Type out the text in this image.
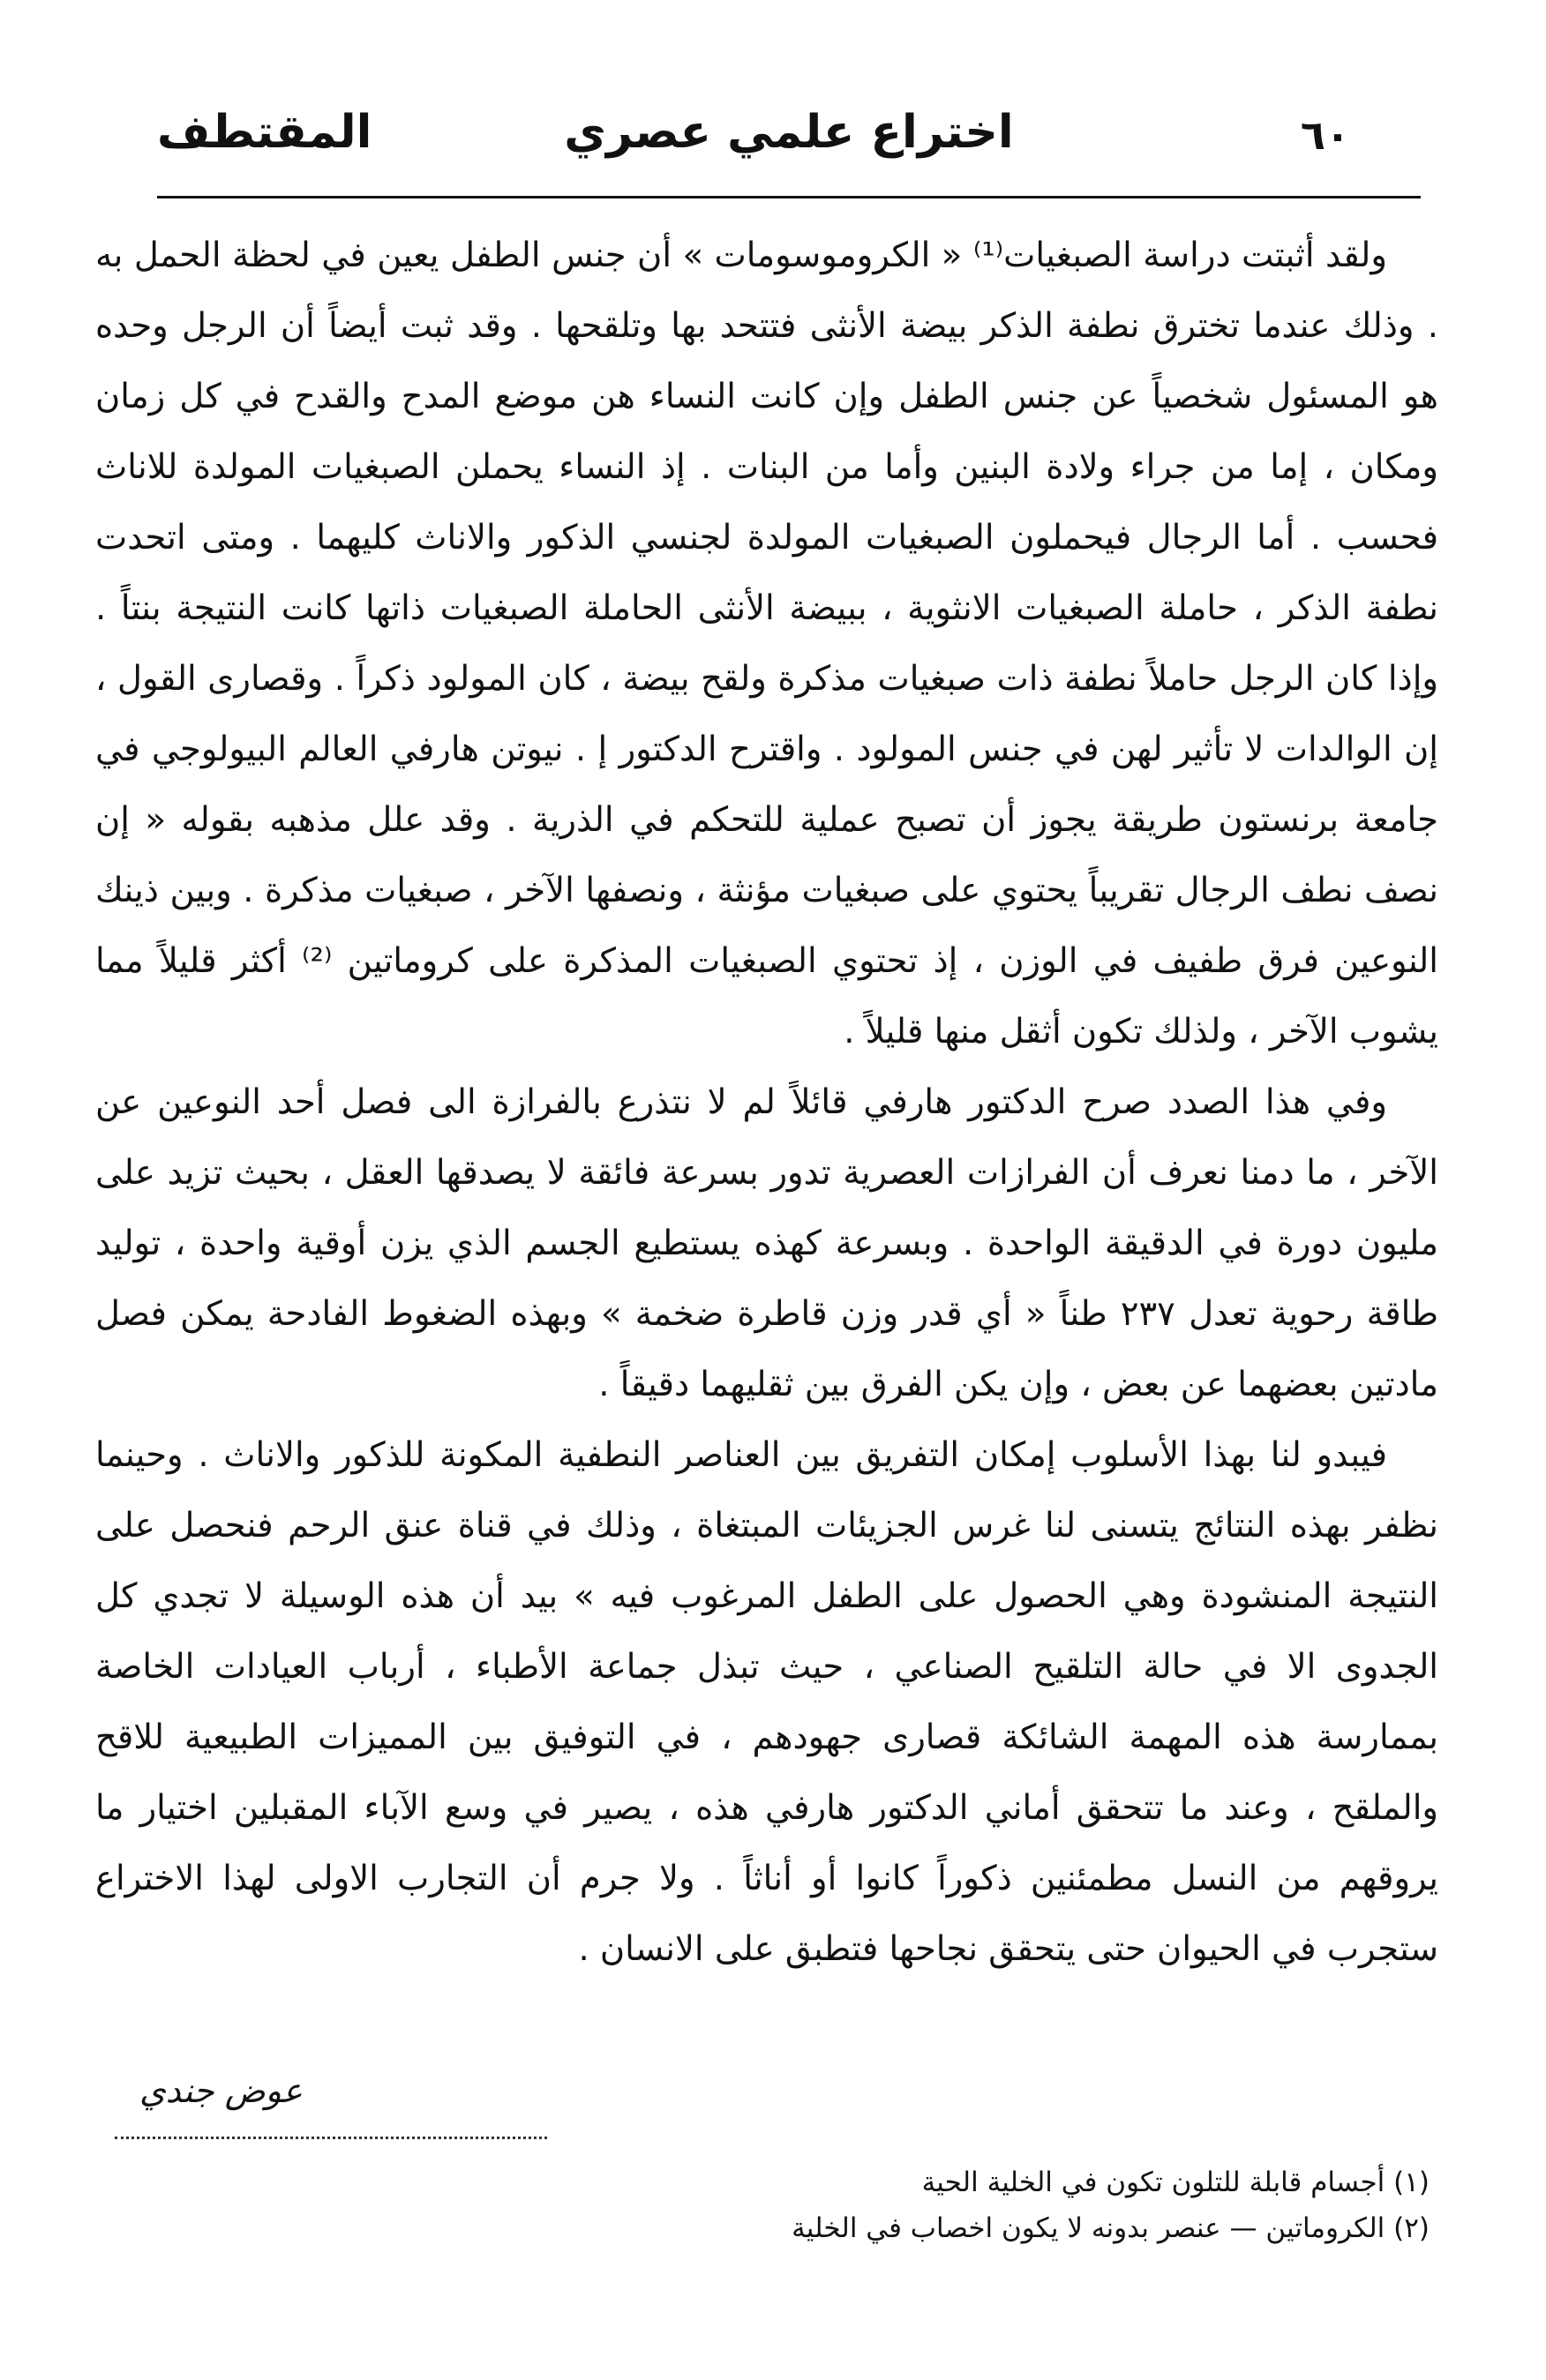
٦٠
اختراع علمي عصري
المقتطف

ولقد أثبتت دراسة الصبغيات⁽¹⁾ « الكروموسومات » أن جنس الطفل يعين في لحظة الحمل به . وذلك عندما تخترق نطفة الذكر بيضة الأنثى فتتحد بها وتلقحها . وقد ثبت أيضاً أن الرجل وحده هو المسئول شخصياً عن جنس الطفل وإن كانت النساء هن موضع المدح والقدح في كل زمان ومكان ، إما من جراء ولادة البنين وأما من البنات . إذ النساء يحملن الصبغيات المولدة للاناث فحسب . أما الرجال فيحملون الصبغيات المولدة لجنسي الذكور والاناث كليهما . ومتى اتحدت نطفة الذكر ، حاملة الصبغيات الانثوية ، ببيضة الأنثى الحاملة الصبغيات ذاتها كانت النتيجة بنتاً . وإذا كان الرجل حاملاً نطفة ذات صبغيات مذكرة ولقح بيضة ، كان المولود ذكراً . وقصارى القول ، إن الوالدات لا تأثير لهن في جنس المولود . واقترح الدكتور إ . نيوتن هارفي العالم البيولوجي في جامعة برنستون طريقة يجوز أن تصبح عملية للتحكم في الذرية . وقد علل مذهبه بقوله « إن نصف نطف الرجال تقريباً يحتوي على صبغيات مؤنثة ، ونصفها الآخر ، صبغيات مذكرة . وبين ذينك النوعين فرق طفيف في الوزن ، إذ تحتوي الصبغيات المذكرة على كروماتين ⁽²⁾ أكثر قليلاً مما يشوب الآخر ، ولذلك تكون أثقل منها قليلاً .

وفي هذا الصدد صرح الدكتور هارفي قائلاً لم لا نتذرع بالفرازة الى فصل أحد النوعين عن الآخر ، ما دمنا نعرف أن الفرازات العصرية تدور بسرعة فائقة لا يصدقها العقل ، بحيث تزيد على مليون دورة في الدقيقة الواحدة . وبسرعة كهذه يستطيع الجسم الذي يزن أوقية واحدة ، توليد طاقة رحوية تعدل ٢٣٧ طناً « أي قدر وزن قاطرة ضخمة » وبهذه الضغوط الفادحة يمكن فصل مادتين بعضهما عن بعض ، وإن يكن الفرق بين ثقليهما دقيقاً .

فيبدو لنا بهذا الأسلوب إمكان التفريق بين العناصر النطفية المكونة للذكور والاناث . وحينما نظفر بهذه النتائج يتسنى لنا غرس الجزيئات المبتغاة ، وذلك في قناة عنق الرحم فنحصل على النتيجة المنشودة وهي الحصول على الطفل المرغوب فيه » بيد أن هذه الوسيلة لا تجدي كل الجدوى الا في حالة التلقيح الصناعي ، حيث تبذل جماعة الأطباء ، أرباب العيادات الخاصة بممارسة هذه المهمة الشائكة قصارى جهودهم ، في التوفيق بين المميزات الطبيعية للاقح والملقح ، وعند ما تتحقق أماني الدكتور هارفي هذه ، يصير في وسع الآباء المقبلين اختيار ما يروقهم من النسل مطمئنين ذكوراً كانوا أو أناثاً . ولا جرم أن التجارب الاولى لهذا الاختراع ستجرب في الحيوان حتى يتحقق نجاحها فتطبق على الانسان .

عوض جندي
(١) أجسام قابلة للتلون تكون في الخلية الحية
(٢) الكروماتين — عنصر بدونه لا يكون اخصاب في الخلية
